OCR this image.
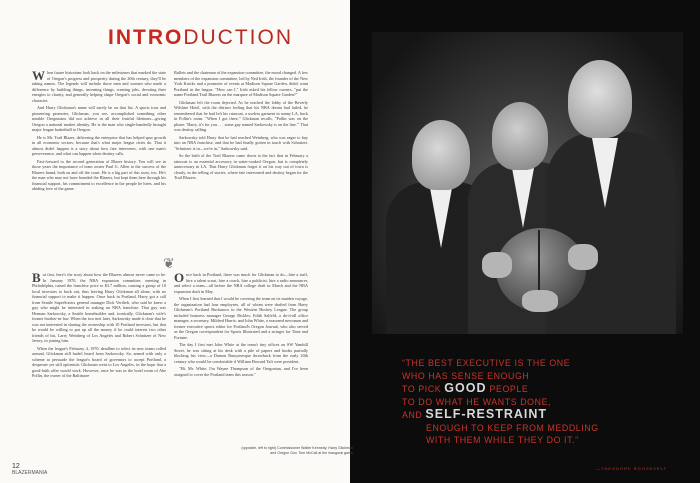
INTRODUCTION

When future historians look back on the milestones that marked the state of Oregon's progress and prosperity during the 20th century, they'll be taking names. The legends will include those men and women who made a difference by building things, inventing things, creating jobs, devoting their energies to charity, and generally helping shape Oregon's social and economic character.

And Harry Glickman's name will surely be on that list. A sports icon and pioneering promoter, Glickman, you see, accomplished something other notable Oregonians did not achieve in all their fruitful lifetimes—giving Oregon a national market identity. He is the man who single-handedly brought major league basketball to Oregon.

He is Mr. Trail Blazer, delivering the enterprise that has helped spur growth in all economic sectors, because that's what major league cities do. That it almost didn't happen is a story about how fate intervenes, with one man's perseverance, and what can happen when destiny calls.

Fast-forward to the second generation of Blazer history. You will see in those years the importance of team owner Paul G. Allen to the success of the Blazers brand, both on and off the court. He is a big part of this story, too. He's the man who may not have founded the Blazers, but kept them here through his financial support, his commitment to excellence in the people he hires, and his abiding love of the game.

Bullets and the chairman of the expansion committee, the mood changed. A few members of the expansion committee, led by Ned Irish, the founder of the New York Knicks and a promoter of events at Madison Square Garden, didn't want Portland in the league. "How can I," Irish asked his fellow owners, "put the name Portland Trail Blazers on the marquee of Madison Square Garden?"

Glickman left the room dejected. As he reached the lobby of the Beverly Wilshire Hotel, with the distinct feeling that his NBA dream had failed, he remembered that he had left his raincoat, a useless garment in sunny LA, back in Pollin's room. "When I got there," Glickman recalls, "Pollin was on the phone: 'Harry, it's for you . . . some guy named Sarkowsky is on the line.'" That was destiny calling.

Sarkowsky told Harry that he had reached Weinberg, who was eager to buy into an NBA franchise, and that he had finally gotten in touch with Schnitzer. "Schnitzer is in—we're in," Sarkowsky said.

So the birth of the Trail Blazers came down to the fact that in February a raincoat is an essential accessory in water-soaked Oregon, but is completely unnecessary in LA. That Harry Glickman forgot it on his way out of town is clearly, in the telling of stories, where fate intervened and destiny began for the Trail Blazers.

❦

But first, here's the story about how the Blazers almost never came to be. In January 1970, the NBA expansion committee, meeting in Philadelphia, raised the franchise price to $3.7 million, causing a group of 10 local investors to back out, thus leaving Harry Glickman all alone, with no financial support to make it happen. Once back in Portland, Harry got a call from Seattle SuperSonics general manager Dick Vertlieb, who said he knew a guy who might be interested in staking an NBA franchise. That guy was Herman Sarkowsky, a Seattle homebuilder and, ironically, Glickman's wife's former brother-in-law. When the two met later, Sarkowsky made it clear that he was not interested in sharing the ownership with 10 Portland investors, but that he would be willing to put up all the money if he could interest two other friends of his, Larry Weinberg of Los Angeles and Robert Schnitzer of New Jersey, in joining him.

When the league's February 4, 1970, deadline to select its new teams rolled around, Glickman still hadn't heard from Sarkowsky. So, armed with only a scheme to persuade the league's board of governors to accept Portland, a desperate yet still optimistic Glickman went to Los Angeles, in the hope that a good-faith offer would work. However, once he was in the hotel room of Abe Pollin, the owner of the Baltimore

Once back in Portland, there was much for Glickman to do—hire a staff, hire a talent scout, hire a coach, hire a publicist, hire a radio announcer, and select a team—all before the NBA college draft in March and the NBA expansion draft in May.

When I first learned that I would be covering the team on its maiden voyage, the organization had four employees, all of whom were drafted from Harry Glickman's Portland Buckaroos in the Western Hockey League. The group included business manager George Rickles; Edith Salfeld, a do-it-all office manager; a secretary, Mildred Harris; and John White, a seasoned newsman and former executive sports editor for Portland's Oregon Journal, who also served as the Oregon correspondent for Sports Illustrated and a stringer for Time and Fortune.

The day I first met John White at the team's tiny offices on SW Yamhill Street, he was sitting at his desk with a pile of papers and books partially blocking his view—a Damon Runyonesque throwback from the early 20th century who would be comfortable if William Howard Taft were president.

"Hi, Mr. White, I'm Wayne Thompson of the Oregonian, and I've been assigned to cover the Portland team this season."

12
BLAZERMANIA
“THE BEST EXECUTIVE IS THE ONE
WHO HAS SENSE ENOUGH
TO PICK GOOD PEOPLE
TO DO WHAT HE WANTS DONE,
AND SELF-RESTRAINT
ENOUGH TO KEEP FROM MEDDLING
WITH THEM WHILE THEY DO IT.”
—THEODORE ROOSEVELT
(opposite, left to right) Commissioner Walter Kennedy, Harry Glickman, and Oregon Gov. Tom McCall at the inaugural game.
